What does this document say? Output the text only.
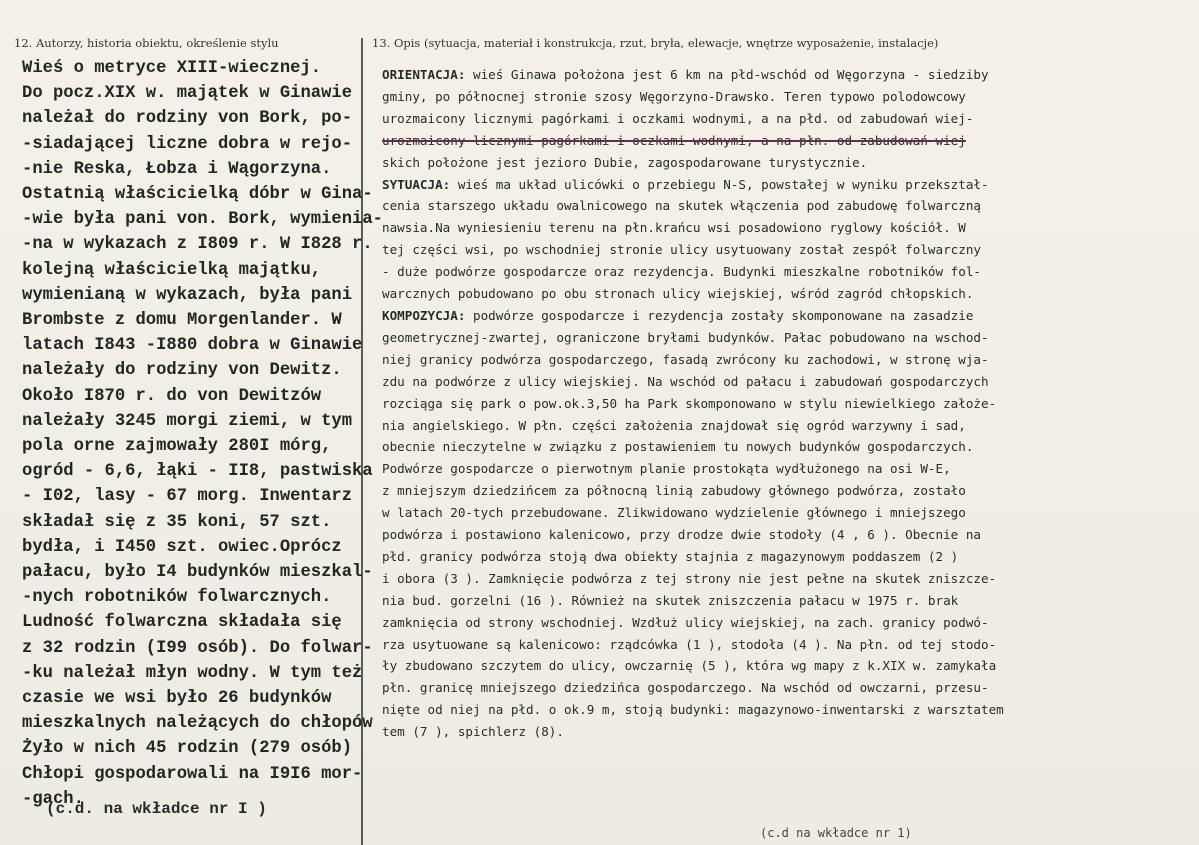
12. Autorzy, historia obiektu, określenie stylu	13. Opis (sytuacja, materiał i konstrukcja, rzut, bryła, elewacje, wnętrze wyposażenie, instalacje)
Wieś o metryce XIII-wiecznej.
Do pocz.XIX w. majątek w Ginawie
należał do rodziny von Bork, po-
-siadającej liczne dobra w rejo-
-nie Reska, Łobza i Wągorzyna.
Ostatnią właścicielką dóbr w Gina-
-wie była pani von. Bork, wymienia-
-na w wykazach z I809 r. W I828 r.
kolejną właścicielką majątku,
wymienianą w wykazach, była pani
Brombste z domu Morgenlander. W
latach I843 -I880 dobra w Ginawie
należały do rodziny von Dewitz.
Około I870 r. do von Dewitzów
należały 3245 morgi ziemi, w tym
pola orne zajmowały 280I mórg,
ogród - 6,6, łąki - II8, pastwiska
- I02, lasy - 67 morg. Inwentarz
składał się z 35 koni, 57 szt.
bydła, i I450 szt. owiec.Oprócz
pałacu, było I4 budynków mieszkal-
-nych robotników folwarcznych.
Ludność folwarczna składała się
z 32 rodzin (I99 osób). Do folwar-
-ku należał młyn wodny. W tym też
czasie we wsi było 26 budynków
mieszkalnych należących do chłopów
Żyło w nich 45 rodzin (279 osób)
Chłopi gospodarowali na I9I6 mor-
-gach.
(c.d. na wkładce nr I )
ORIENTACJA: wieś Ginawa położona jest 6 km na płd-wschód od Węgorzyna - siedziby
gminy, po północnej stronie szosy Węgorzyno-Drawsko. Teren typowo polodowcowy
urozmaicony licznymi pagórkami i oczkami wodnymi, a na płd. od zabudowań wiej-
urozmaicony licznymi pagórkami i oczkami wodnymi, a na płn. od zabudowań wiej
skich położone jest jezioro Dubie, zagospodarowane turystycznie.
SYTUACJA: wieś ma układ ulicówki o przebiegu N-S, powstałej w wyniku przekształ-
cenia starszego układu owalnicowego na skutek włączenia pod zabudowę folwarczną
nawsia.Na wyniesieniu terenu na płn.krańcu wsi posadowiono ryglowy kościół. W
tej części wsi, po wschodniej stronie ulicy usytuowany został zespół folwarczny
- duże podwórze gospodarcze oraz rezydencja. Budynki mieszkalne robotników fol-
warcznych pobudowano po obu stronach ulicy wiejskiej, wśród zagród chłopskich.
KOMPOZYCJA: podwórze gospodarcze i rezydencja zostały skomponowane na zasadzie
geometrycznej-zwartej, ograniczone bryłami budynków. Pałac pobudowano na wschod-
niej granicy podwórza gospodarczego, fasadą zwrócony ku zachodowi, w stronę wja-
zdu na podwórze z ulicy wiejskiej. Na wschód od pałacu i zabudowań gospodarczych
rozciąga się park o pow.ok.3,50 ha Park skomponowano w stylu niewielkiego założe-
nia angielskiego. W płn. części założenia znajdował się ogród warzywny i sad,
obecnie nieczytelne w związku z postawieniem tu nowych budynków gospodarczych.
Podwórze gospodarcze o pierwotnym planie prostokąta wydłużonego na osi W-E,
z mniejszym dziedzińcem za północną linią zabudowy głównego podwórza, zostało
w latach 20-tych przebudowane. Zlikwidowano wydzielenie głównego i mniejszego
podwórza i postawiono kalenicowo, przy drodze dwie stodoły (4 , 6 ). Obecnie na
płd. granicy podwórza stoją dwa obiekty stajnia z magazynowym poddaszem (2 )
i obora (3 ). Zamknięcie podwórza z tej strony nie jest pełne na skutek zniszcze-
nia bud. gorzelni (16 ). Również na skutek zniszczenia pałacu w 1975 r. brak
zamknięcia od strony wschodniej. Wzdłuż ulicy wiejskiej, na zach. granicy podwó-
rza usytuowane są kalenicowo: rządcówka (1 ), stodoła (4 ). Na płn. od tej stodo-
ły zbudowano szczytem do ulicy, owczarnię (5 ), która wg mapy z k.XIX w. zamykała
płn. granicę mniejszego dziedzińca gospodarczego. Na wschód od owczarni, przesu-
nięte od niej na płd. o ok.9 m, stoją budynki: magazynowo-inwentarski z warsztatem
tem (7 ), spichlerz (8).
(c.d na wkładce nr 1)
